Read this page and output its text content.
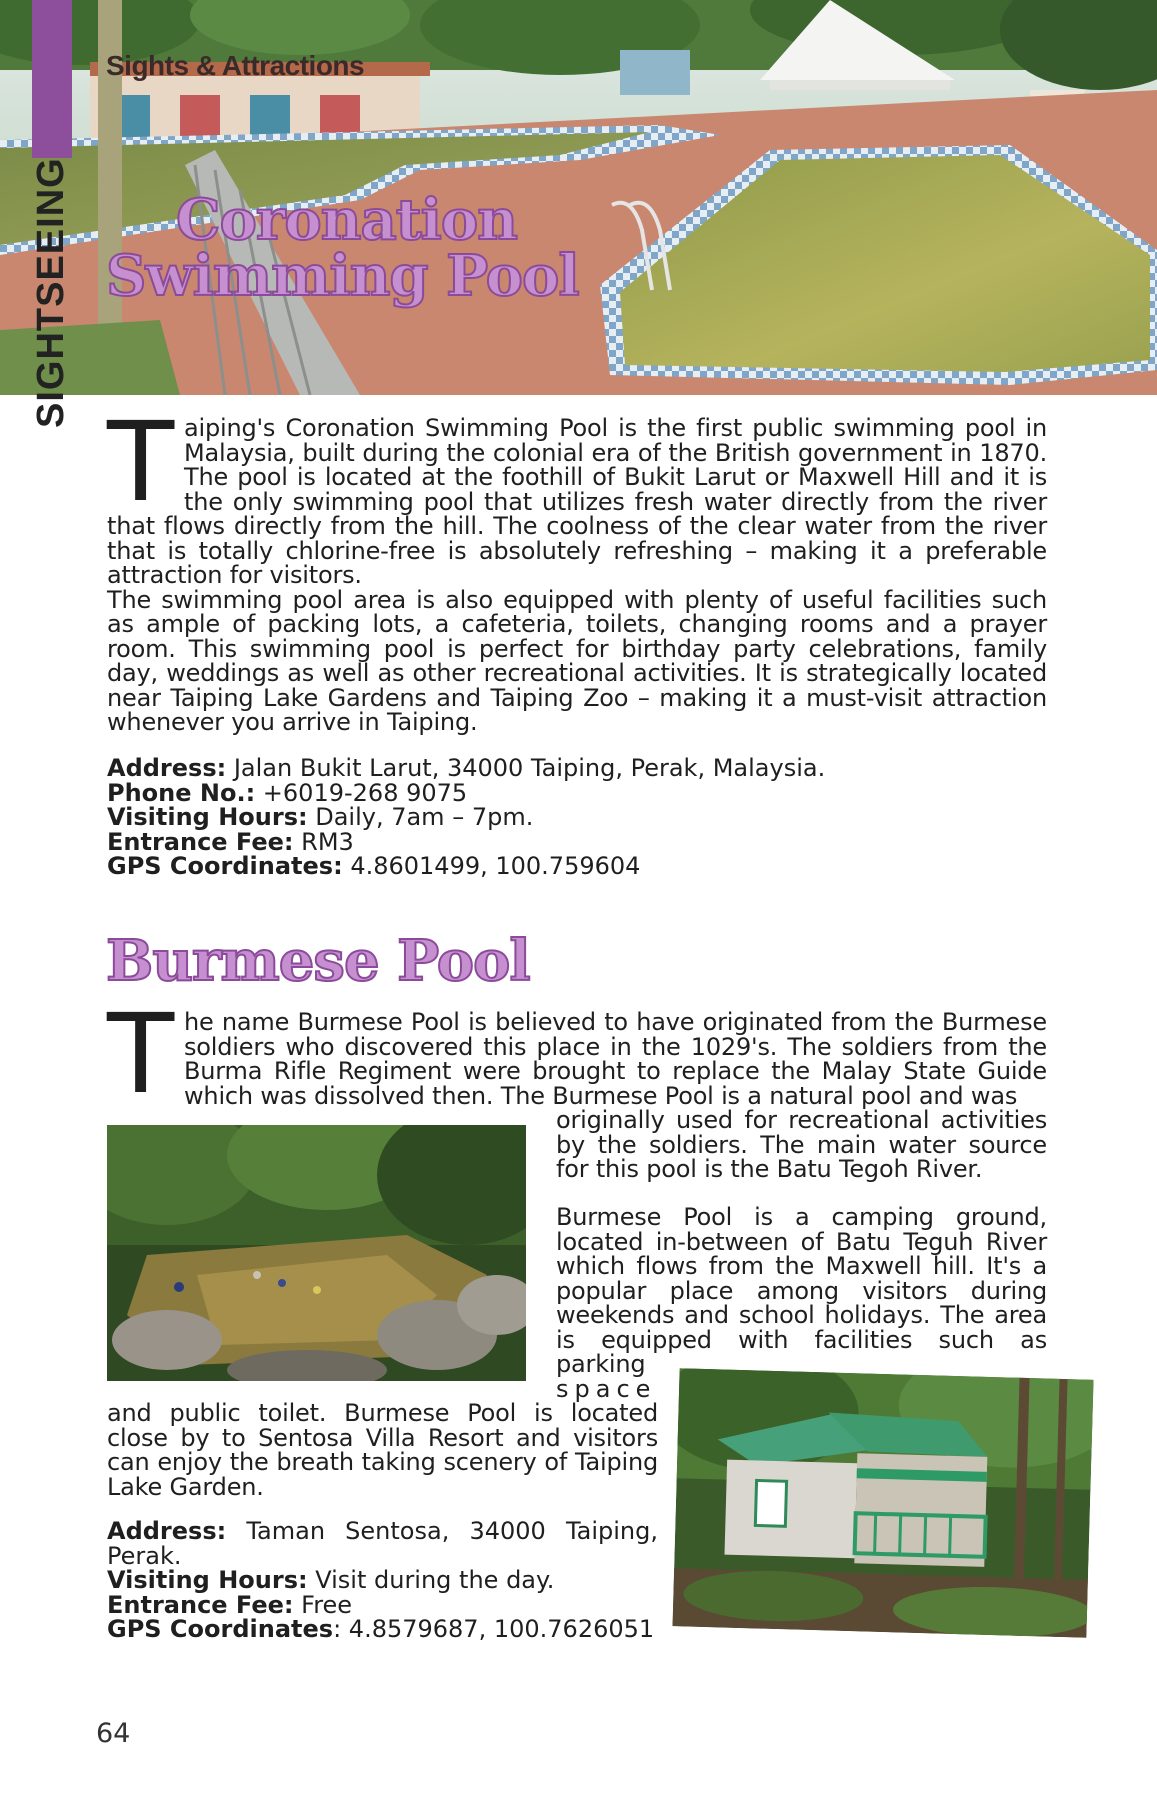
Sights & Attractions
SIGHTSEEING	Coronation
Swimming Pool

Taiping's Coronation Swimming Pool is the first public swimming pool in Malaysia, built during the colonial era of the British government in 1870. The pool is located at the foothill of Bukit Larut or Maxwell Hill and it is the only swimming pool that utilizes fresh water directly from the river that flows directly from the hill. The coolness of the clear water from the river that is totally chlorine-free is absolutely refreshing – making it a preferable attraction for visitors.

The swimming pool area is also equipped with plenty of useful facilities such as ample of packing lots, a cafeteria, toilets, changing rooms and a prayer room. This swimming pool is perfect for birthday party celebrations, family day, weddings as well as other recreational activities. It is strategically located near Taiping Lake Gardens and Taiping Zoo – making it a must-visit attraction whenever you arrive in Taiping.

Address: Jalan Bukit Larut, 34000 Taiping, Perak, Malaysia.
Phone No.: +6019-268 9075
Visiting Hours: Daily, 7am – 7pm.
Entrance Fee: RM3
GPS Coordinates: 4.8601499, 100.759604
Burmese Pool

The name Burmese Pool is believed to have originated from the Burmese soldiers who discovered this place in the 1029's. The soldiers from the Burma Rifle Regiment were brought to replace the Malay State Guide which was dissolved then. The Burmese Pool is a natural pool and was

originally used for recreational activities by the soldiers. The main water source for this pool is the Batu Tegoh River.

Burmese Pool is a camping ground, located in-between of Batu Teguh River which flows from the Maxwell hill. It's a popular place among visitors during weekends and school holidays. The area is equipped with facilities such as parking

space

and public toilet. Burmese Pool is located close by to Sentosa Villa Resort and visitors can enjoy the breath taking scenery of Taiping Lake Garden.

Address: Taman Sentosa, 34000 Taiping, Perak.
Visiting Hours: Visit during the day.
Entrance Fee: Free
GPS Coordinates: 4.8579687, 100.7626051
64
